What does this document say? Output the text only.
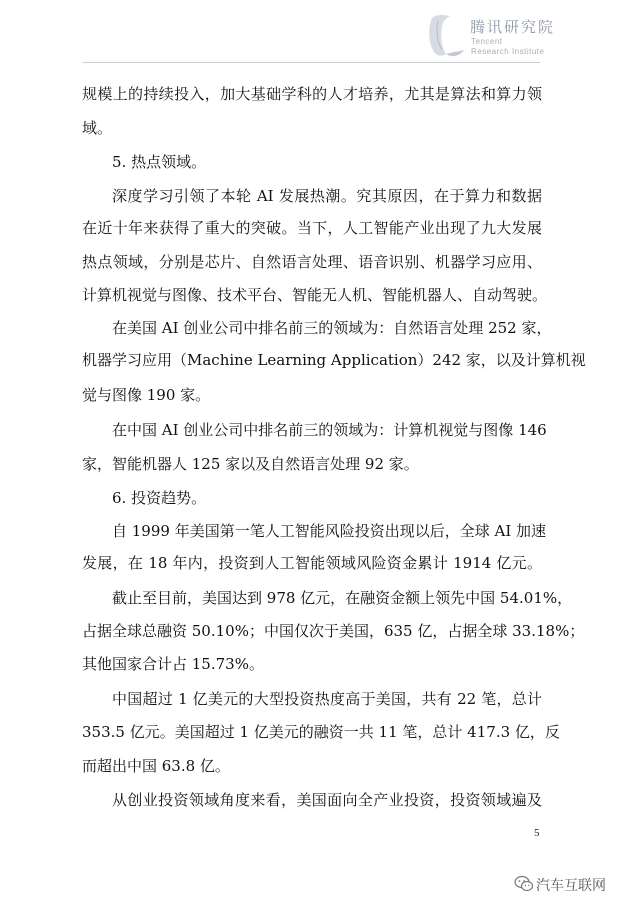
腾讯研究院
Tencent
Research Institute
规模上的持续投入，加大基础学科的人才培养，尤其是算法和算力领
域。
5. 热点领域。
深度学习引领了本轮 AI 发展热潮。究其原因，在于算力和数据
在近十年来获得了重大的突破。当下，人工智能产业出现了九大发展
热点领域，分别是芯片、自然语言处理、语音识别、机器学习应用、
计算机视觉与图像、技术平台、智能无人机、智能机器人、自动驾驶。
在美国 AI 创业公司中排名前三的领域为：自然语言处理 252 家，
机器学习应用（Machine Learning Application）242 家，以及计算机视
觉与图像 190 家。
在中国 AI 创业公司中排名前三的领域为：计算机视觉与图像 146
家，智能机器人 125 家以及自然语言处理 92 家。
6. 投资趋势。
自 1999 年美国第一笔人工智能风险投资出现以后，全球 AI 加速
发展，在 18 年内，投资到人工智能领域风险资金累计 1914 亿元。
截止至目前，美国达到 978 亿元，在融资金额上领先中国 54.01%，
占据全球总融资 50.10%；中国仅次于美国，635 亿，占据全球 33.18%；
其他国家合计占 15.73%。
中国超过 1 亿美元的大型投资热度高于美国，共有 22 笔，总计
353.5 亿元。美国超过 1 亿美元的融资一共 11 笔，总计 417.3 亿，反
而超出中国 63.8 亿。
从创业投资领域角度来看，美国面向全产业投资，投资领域遍及
5
汽车互联网
